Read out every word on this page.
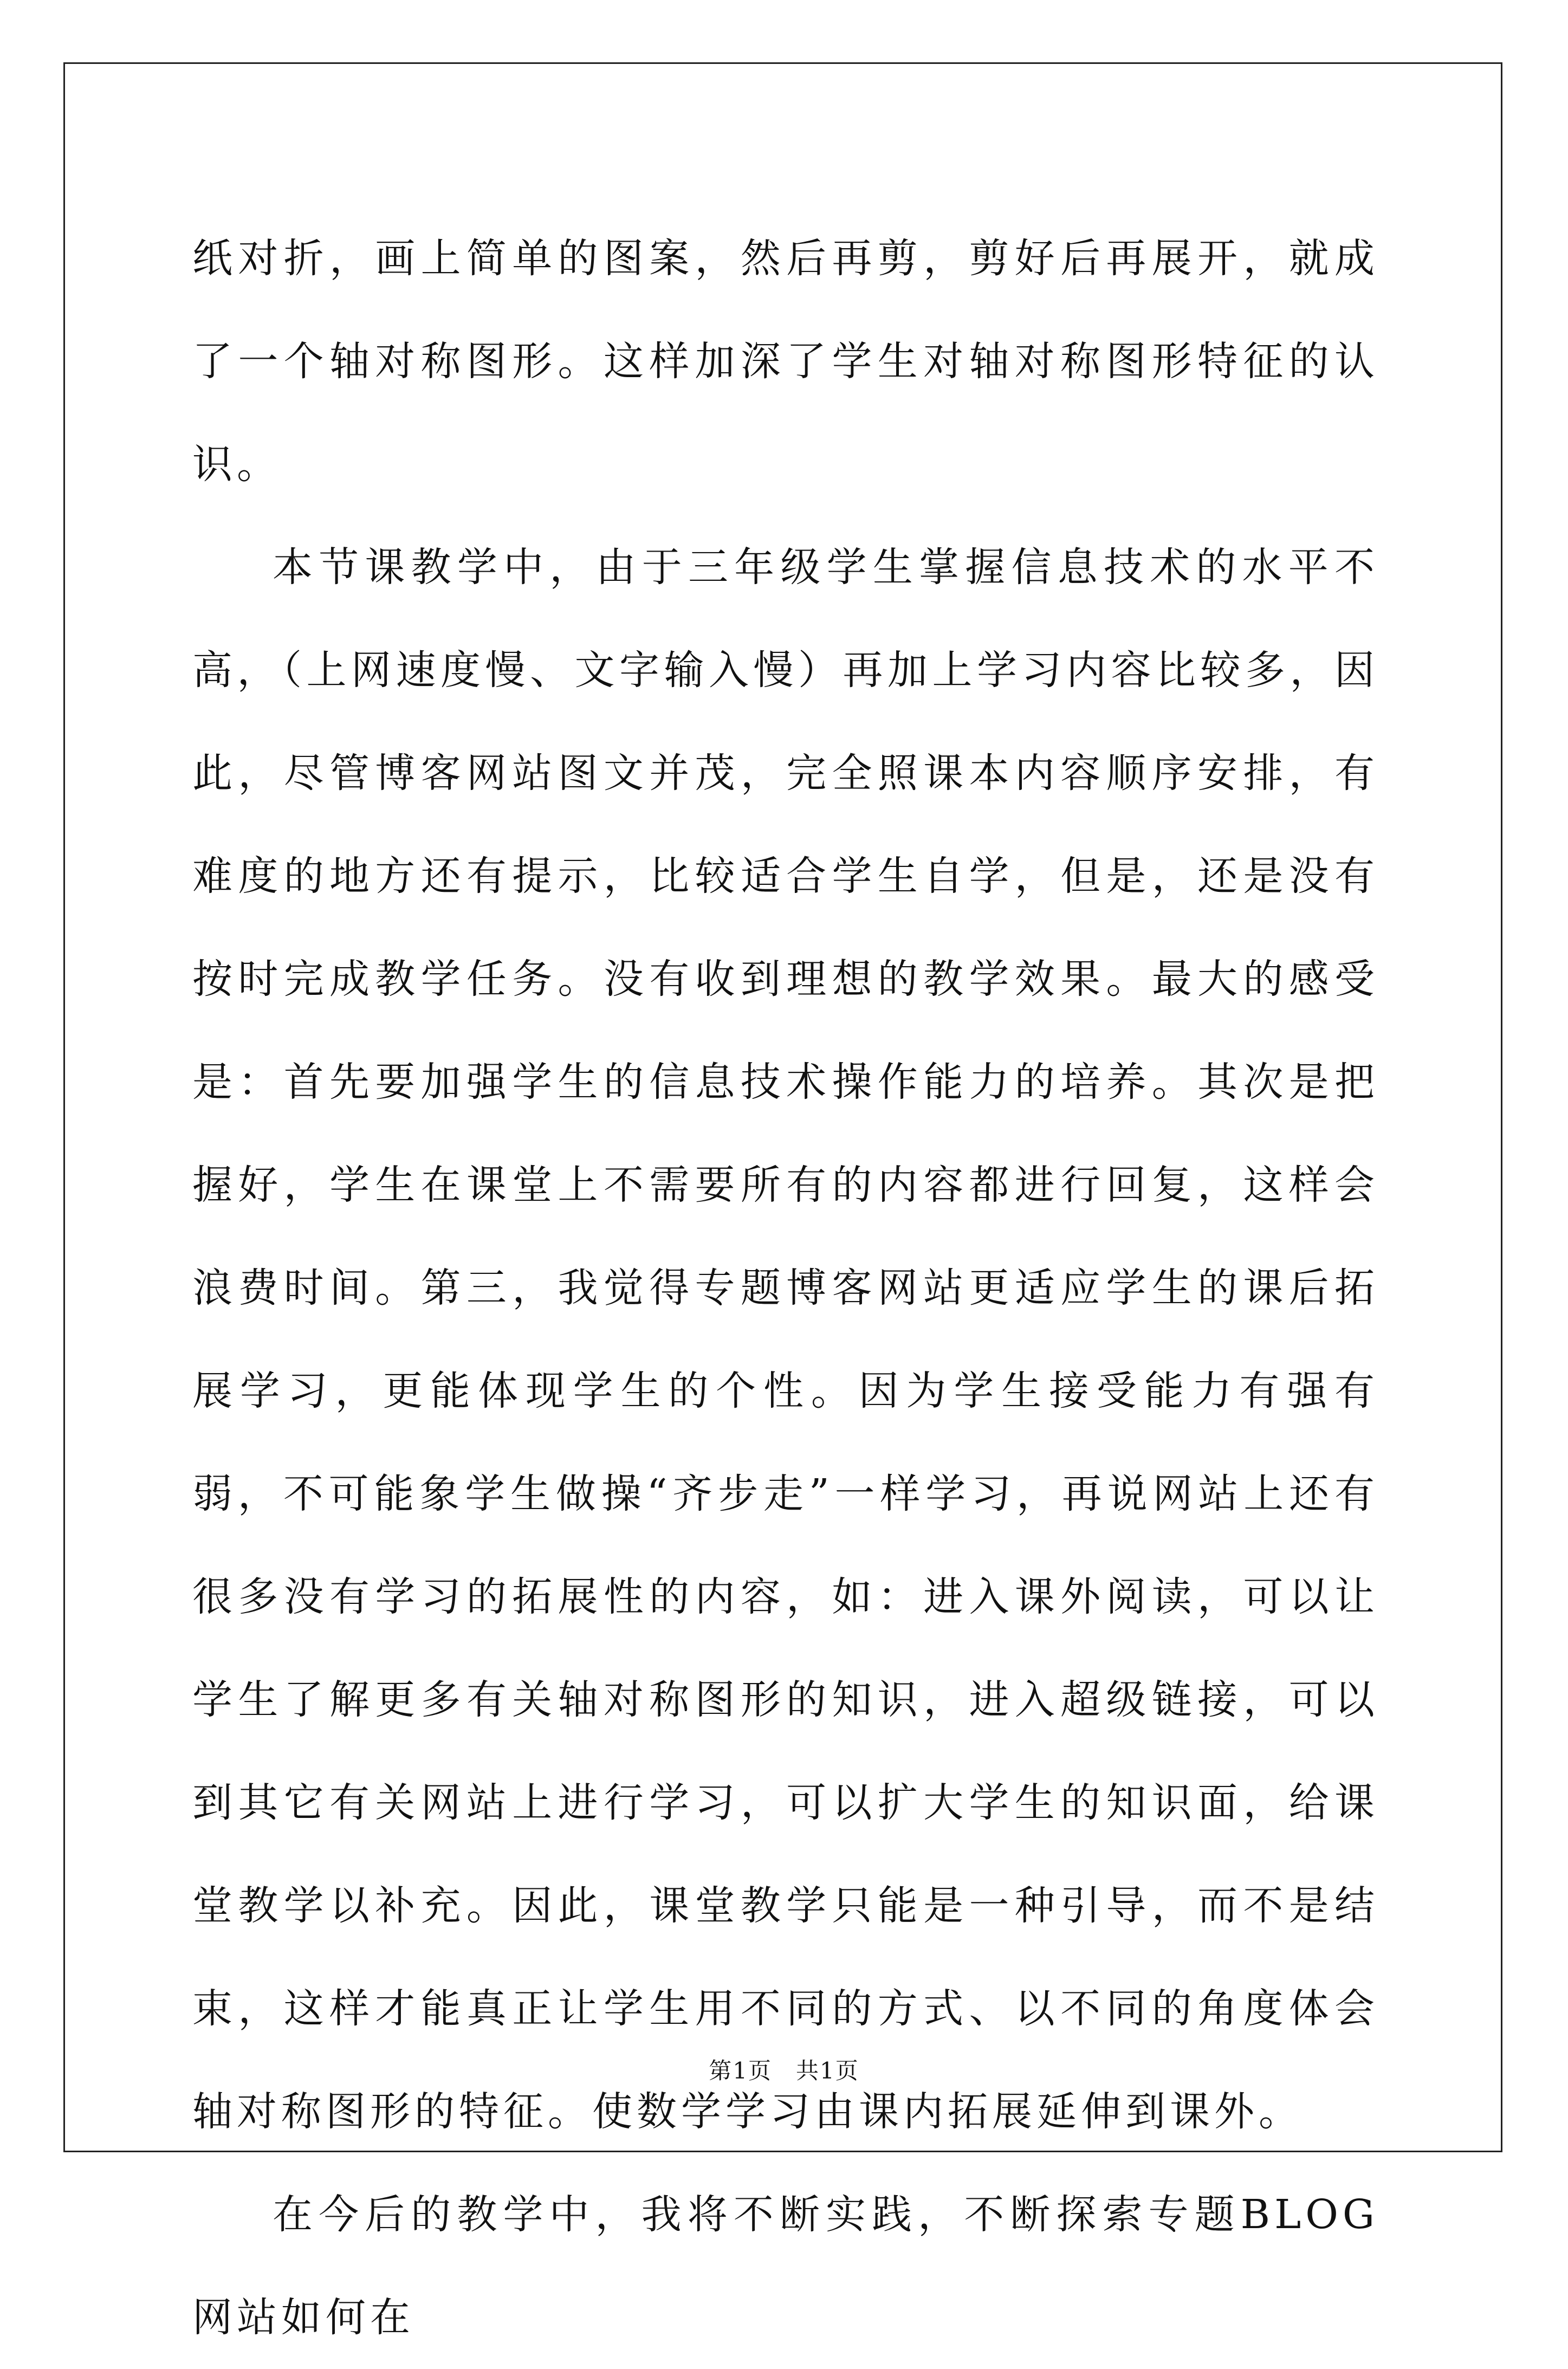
纸对折，画上简单的图案，然后再剪，剪好后再展开，就成了一个轴对称图形。这样加深了学生对轴对称图形特征的认识。

本节课教学中，由于三年级学生掌握信息技术的水平不高，（上网速度慢、文字输入慢）再加上学习内容比较多，因此，尽管博客网站图文并茂，完全照课本内容顺序安排，有难度的地方还有提示，比较适合学生自学，但是，还是没有按时完成教学任务。没有收到理想的教学效果。最大的感受是：首先要加强学生的信息技术操作能力的培养。其次是把握好，学生在课堂上不需要所有的内容都进行回复，这样会浪费时间。第三，我觉得专题博客网站更适应学生的课后拓展学习，更能体现学生的个性。因为学生接受能力有强有弱，不可能象学生做操“齐步走”一样学习，再说网站上还有很多没有学习的拓展性的内容，如：进入课外阅读，可以让学生了解更多有关轴对称图形的知识，进入超级链接，可以到其它有关网站上进行学习，可以扩大学生的知识面，给课堂教学以补充。因此，课堂教学只能是一种引导，而不是结束，这样才能真正让学生用不同的方式、以不同的角度体会轴对称图形的特征。使数学学习由课内拓展延伸到课外。

在今后的教学中，我将不断实践，不断探索专题BLOG网站如何在

第1页　共1页
